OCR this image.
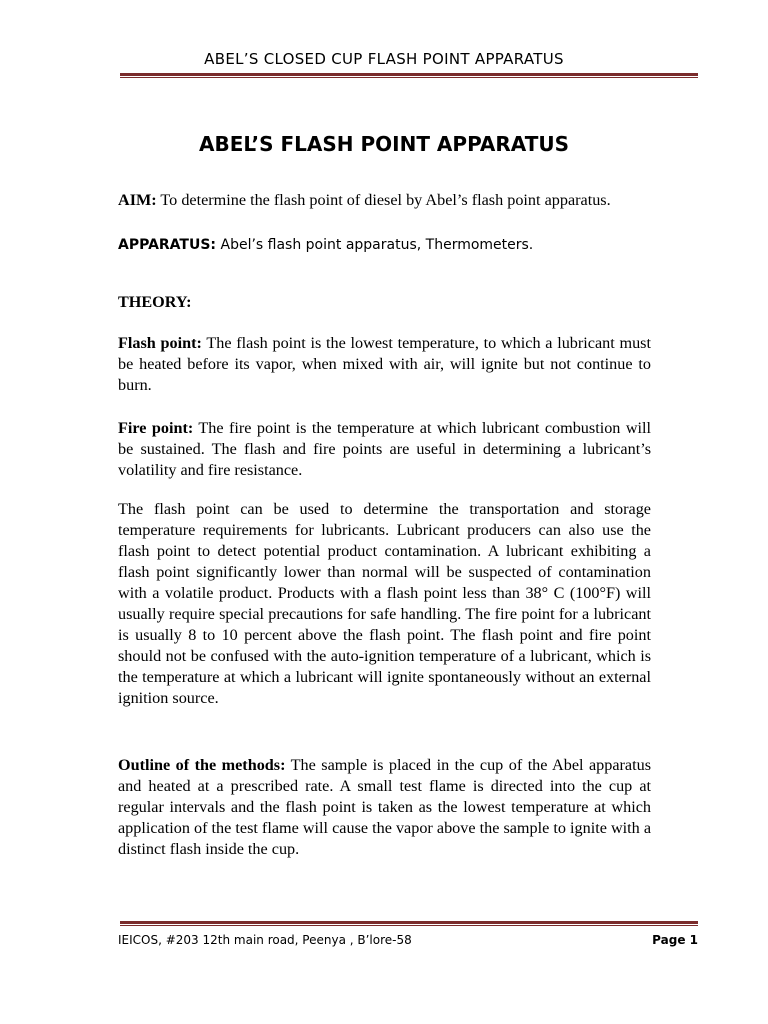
ABEL’S CLOSED CUP FLASH POINT APPARATUS
ABEL’S FLASH POINT APPARATUS

AIM: To determine the flash point of diesel by Abel’s flash point apparatus.

APPARATUS: Abel’s flash point apparatus, Thermometers.

THEORY:

Flash point: The flash point is the lowest temperature, to which a lubricant must be heated before its vapor, when mixed with air, will ignite but not continue to burn.

Fire point: The fire point is the temperature at which lubricant combustion will be sustained. The flash and fire points are useful in determining a lubricant’s volatility and fire resistance.

The flash point can be used to determine the transportation and storage temperature requirements for lubricants. Lubricant producers can also use the flash point to detect potential product contamination. A lubricant exhibiting a flash point significantly lower than normal will be suspected of contamination with a volatile product. Products with a flash point less than 38° C (100°F) will usually require special precautions for safe handling. The fire point for a lubricant is usually 8 to 10 percent above the flash point. The flash point and fire point should not be confused with the auto-ignition temperature of a lubricant, which is the temperature at which a lubricant will ignite spontaneously without an external ignition source.

Outline of the methods: The sample is placed in the cup of the Abel apparatus and heated at a prescribed rate. A small test flame is directed into the cup at regular intervals and the flash point is taken as the lowest temperature at which application of the test flame will cause the vapor above the sample to ignite with a distinct flash inside the cup.

IEICOS, #203 12th main road, Peenya , B’lore-58	Page 1
